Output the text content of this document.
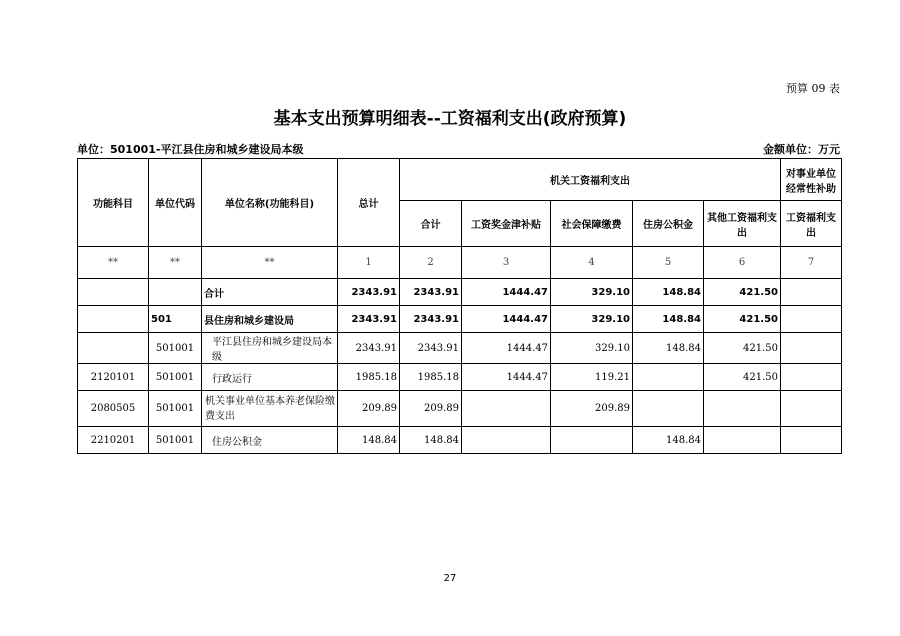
预算 09 表
基本支出预算明细表--工资福利支出(政府预算)
单位：501001-平江县住房和城乡建设局本级	金额单位：万元
功能科目	单位代码	单位名称(功能科目)	总计	机关工资福利支出					对事业单位经常性补助
				合计	工资奖金津补贴	社会保障缴费	住房公积金	其他工资福利支出	工资福利支出
**	**	**	1	2	3	4	5	6	7
		合计	2343.91	2343.91	1444.47	329.10	148.84	421.50	
	501	县住房和城乡建设局	2343.91	2343.91	1444.47	329.10	148.84	421.50	
	501001	平江县住房和城乡建设局本级	2343.91	2343.91	1444.47	329.10	148.84	421.50	
2120101	501001	行政运行	1985.18	1985.18	1444.47	119.21		421.50	
2080505	501001	机关事业单位基本养老保险缴费支出	209.89	209.89		209.89			
2210201	501001	住房公积金	148.84	148.84			148.84		
27
